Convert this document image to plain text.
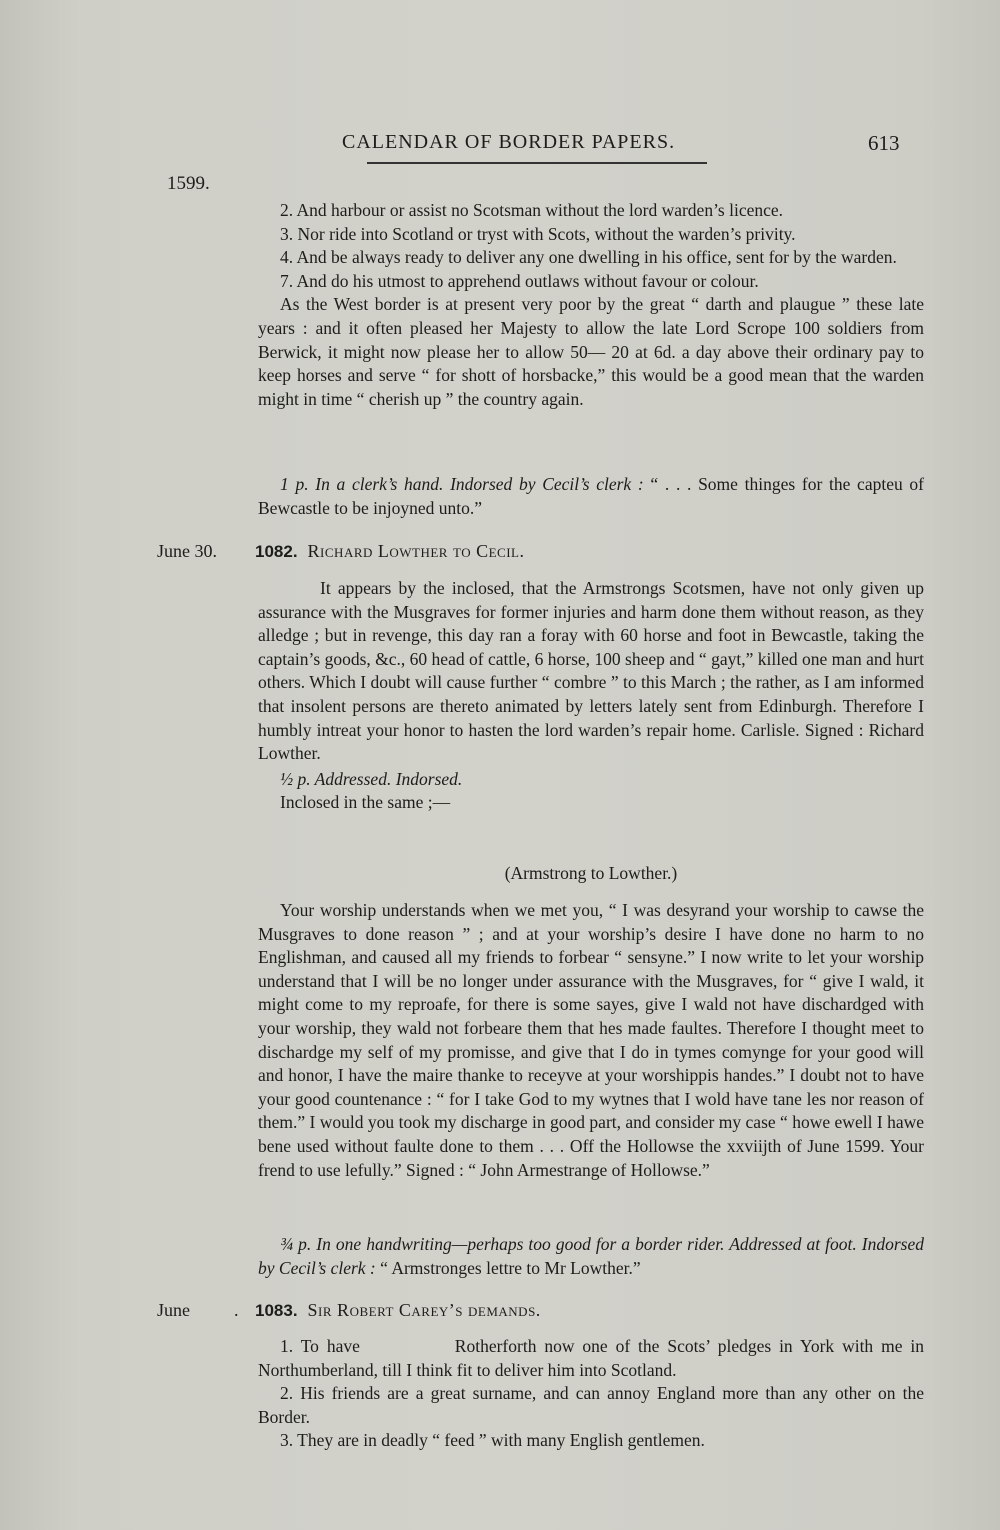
CALENDAR OF BORDER PAPERS.	613
1599.

2. And harbour or assist no Scotsman without the lord warden’s licence.

3. Nor ride into Scotland or tryst with Scots, without the warden’s privity.

4. And be always ready to deliver any one dwelling in his office, sent for by the warden.

7. And do his utmost to apprehend outlaws without favour or colour.

As the West border is at present very poor by the great “ darth and plaugue ” these late years : and it often pleased her Majesty to allow the late Lord Scrope 100 soldiers from Berwick, it might now please her to allow 50— 20 at 6d. a day above their ordinary pay to keep horses and serve “ for shott of horsbacke,” this would be a good mean that the warden might in time “ cherish up ” the country again.

1 p. In a clerk’s hand. Indorsed by Cecil’s clerk : “ . . . Some thinges for the capteu of Bewcastle to be injoyned unto.”

June 30. 1082. Richard Lowther to Cecil.

It appears by the inclosed, that the Armstrongs Scotsmen, have not only given up assurance with the Musgraves for former injuries and harm done them without reason, as they alledge ; but in revenge, this day ran a foray with 60 horse and foot in Bewcastle, taking the captain’s goods, &c., 60 head of cattle, 6 horse, 100 sheep and “ gayt,” killed one man and hurt others. Which I doubt will cause further “ combre ” to this March ; the rather, as I am informed that insolent persons are thereto animated by letters lately sent from Edinburgh. Therefore I humbly intreat your honor to hasten the lord warden’s repair home. Carlisle. Signed : Richard Lowther.

½ p. Addressed. Indorsed.

Inclosed in the same ;—

(Armstrong to Lowther.)

Your worship understands when we met you, “ I was desyrand your worship to cawse the Musgraves to done reason ” ; and at your worship’s desire I have done no harm to no Englishman, and caused all my friends to forbear “ sensyne.” I now write to let your worship understand that I will be no longer under assurance with the Musgraves, for “ give I wald, it might come to my reproafe, for there is some sayes, give I wald not have dischardged with your worship, they wald not forbeare them that hes made faultes. Therefore I thought meet to dischardge my self of my promisse, and give that I do in tymes comynge for your good will and honor, I have the maire thanke to receyve at your worshippis handes.” I doubt not to have your good countenance : “ for I take God to my wytnes that I wold have tane les nor reason of them.” I would you took my discharge in good part, and consider my case “ howe ewell I hawe bene used without faulte done to them . . . Off the Hollowse the xxviijth of June 1599. Your frend to use lefully.” Signed : “ John Armestrange of Hollowse.”

¾ p. In one handwriting—perhaps too good for a border rider. Addressed at foot. Indorsed by Cecil’s clerk : “ Armstronges lettre to Mr Lowther.”

June . 1083. Sir Robert Carey’s demands.

1. To have            Rotherforth now one of the Scots’ pledges in York with me in Northumberland, till I think fit to deliver him into Scotland.

2. His friends are a great surname, and can annoy England more than any other on the Border.

3. They are in deadly “ feed ” with many English gentlemen.
